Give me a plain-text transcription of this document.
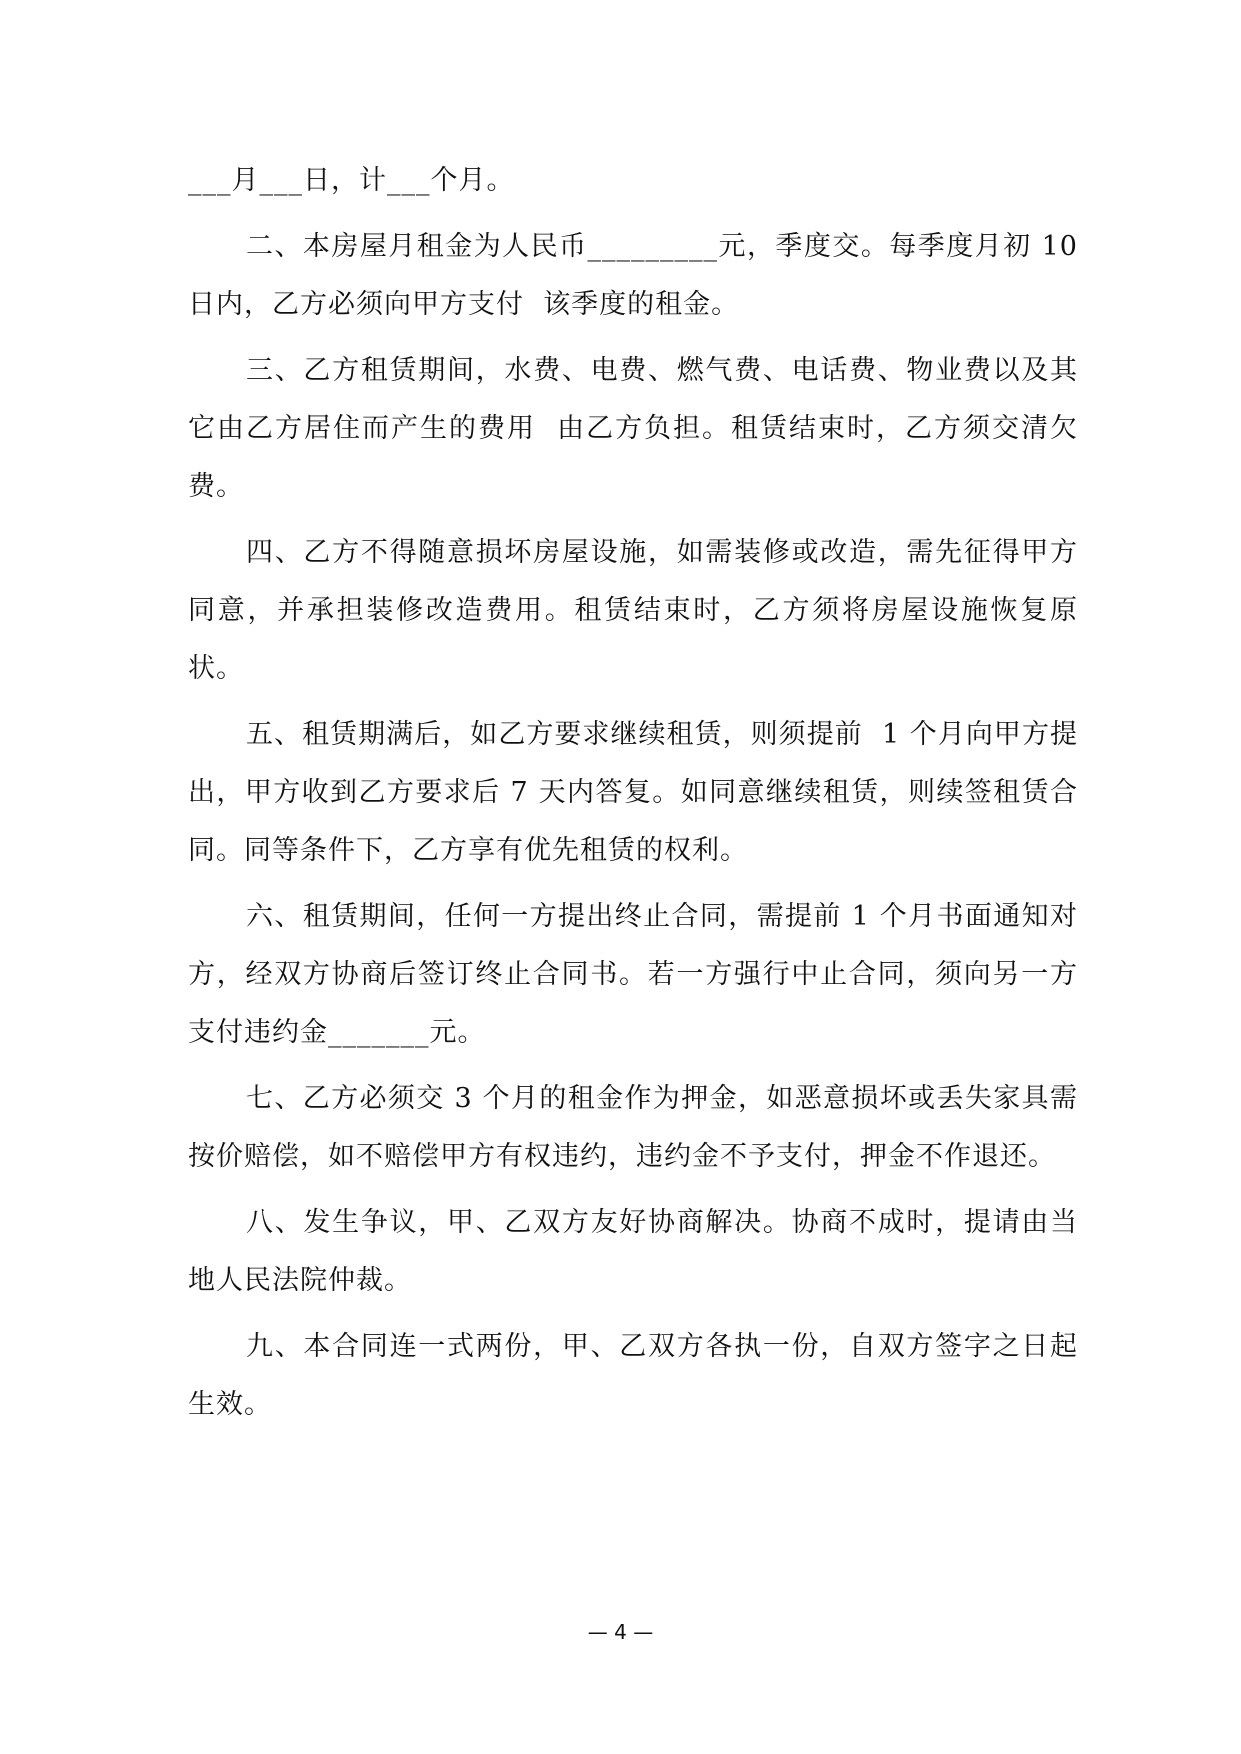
___月___日，计___个月。

二、本房屋月租金为人民币_________元，季度交。每季度月初 10 日内，乙方必须向甲方支付  该季度的租金。

三、乙方租赁期间，水费、电费、燃气费、电话费、物业费以及其它由乙方居住而产生的费用  由乙方负担。租赁结束时，乙方须交清欠费。

四、乙方不得随意损坏房屋设施，如需装修或改造，需先征得甲方同意，并承担装修改造费用。租赁结束时，乙方须将房屋设施恢复原状。

五、租赁期满后，如乙方要求继续租赁，则须提前  1 个月向甲方提出，甲方收到乙方要求后 7 天内答复。如同意继续租赁，则续签租赁合同。同等条件下，乙方享有优先租赁的权利。

六、租赁期间，任何一方提出终止合同，需提前 1 个月书面通知对方，经双方协商后签订终止合同书。若一方强行中止合同，须向另一方支付违约金_______元。

七、乙方必须交 3 个月的租金作为押金，如恶意损坏或丢失家具需按价赔偿，如不赔偿甲方有权违约，违约金不予支付，押金不作退还。

八、发生争议，甲、乙双方友好协商解决。协商不成时，提请由当地人民法院仲裁。

九、本合同连一式两份，甲、乙双方各执一份，自双方签字之日起生效。

— 4 —
